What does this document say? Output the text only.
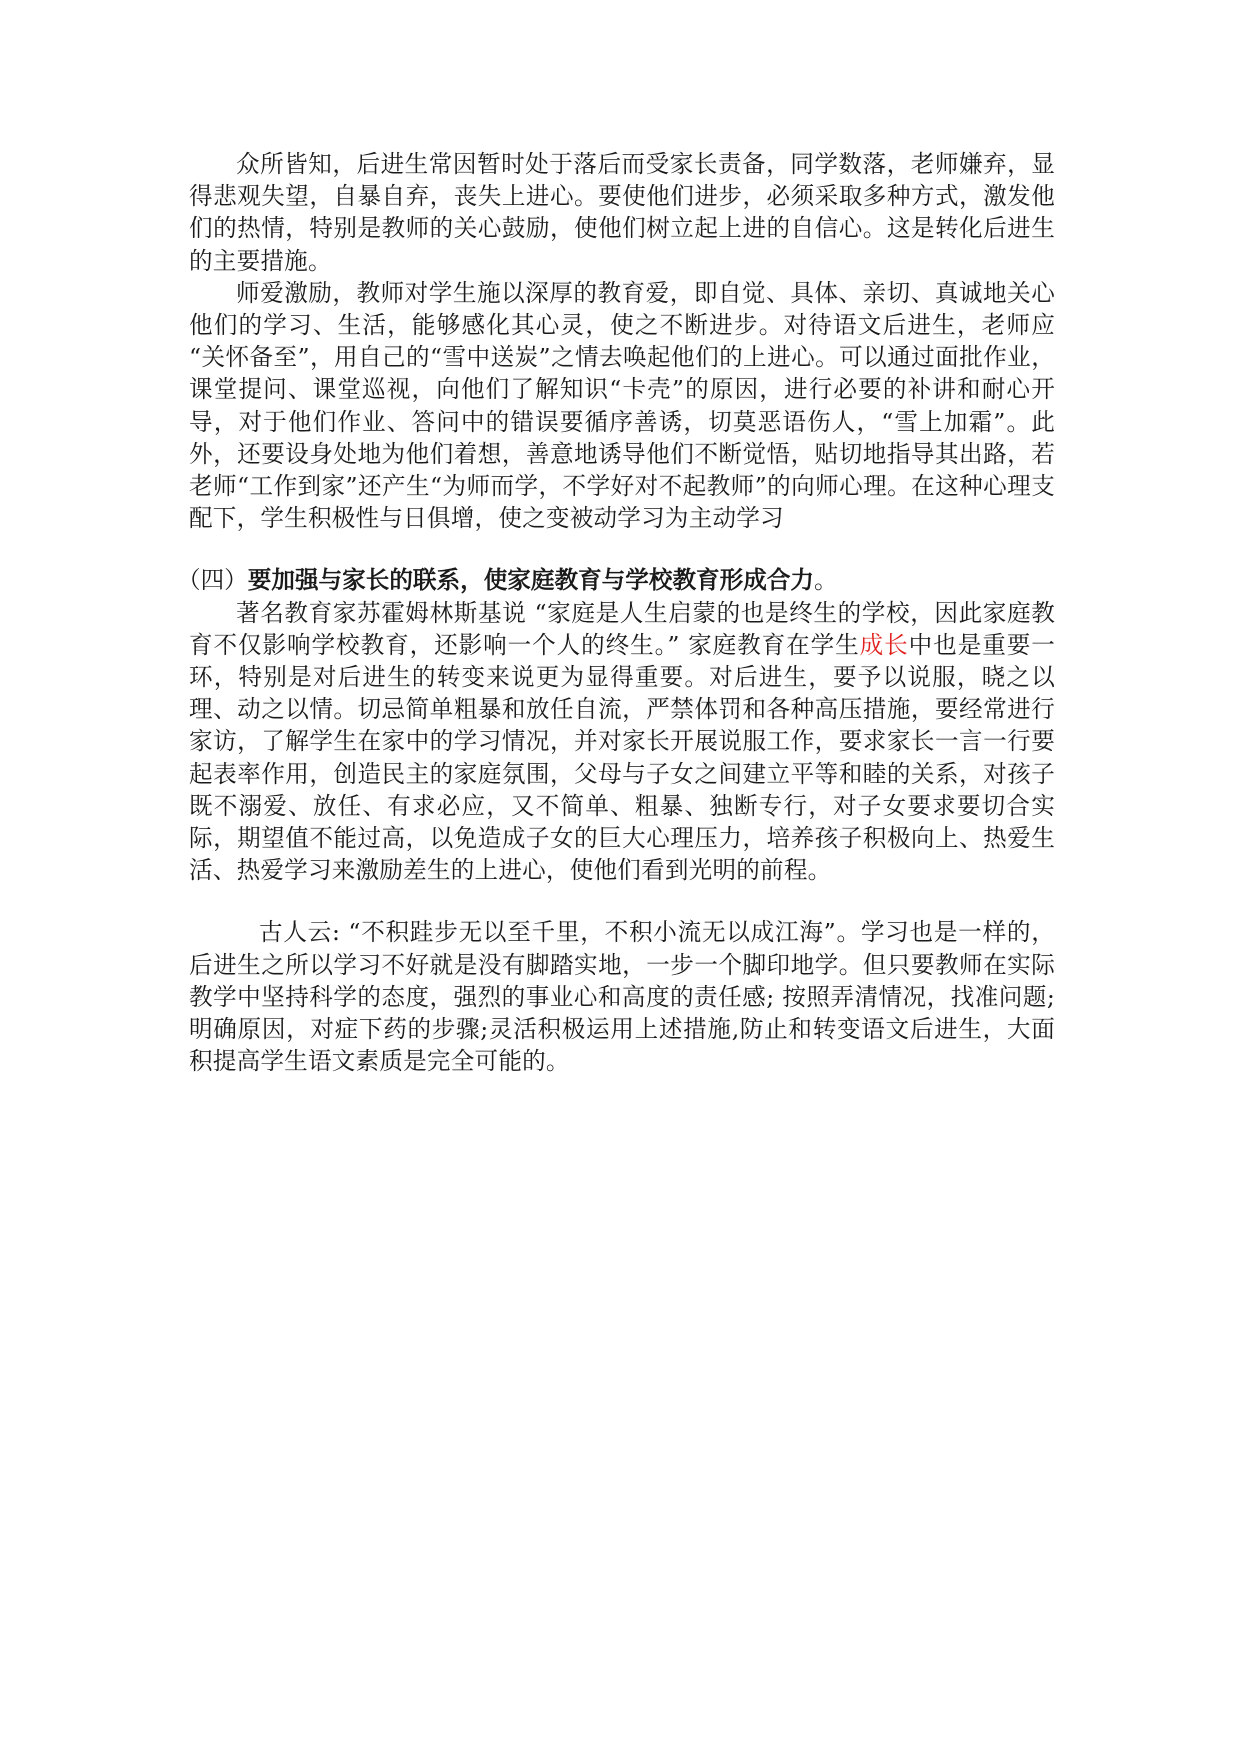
众所皆知，后进生常因暂时处于落后而受家长责备，同学数落，老师嫌弃，显得悲观失望，自暴自弃，丧失上进心。要使他们进步，必须采取多种方式，激发他们的热情，特别是教师的关心鼓励，使他们树立起上进的自信心。这是转化后进生的主要措施。

师爱激励，教师对学生施以深厚的教育爱，即自觉、具体、亲切、真诚地关心他们的学习、生活，能够感化其心灵，使之不断进步。对待语文后进生，老师应 “关怀备至”，用自己的“雪中送炭”之情去唤起他们的上进心。可以通过面批作业，课堂提问、课堂巡视，向他们了解知识“卡壳”的原因，进行必要的补讲和耐心开导，对于他们作业、答问中的错误要循序善诱，切莫恶语伤人，“雪上加霜”。此外，还要设身处地为他们着想，善意地诱导他们不断觉悟，贴切地指导其出路，若老师“工作到家”还产生“为师而学，不学好对不起教师”的向师心理。在这种心理支配下，学生积极性与日俱增，使之变被动学习为主动学习

（四）要加强与家长的联系，使家庭教育与学校教育形成合力。

著名教育家苏霍姆林斯基说 “家庭是人生启蒙的也是终生的学校，因此家庭教育不仅影响学校教育，还影响一个人的终生。” 家庭教育在学生成长中也是重要一环，特别是对后进生的转变来说更为显得重要。对后进生，要予以说服，晓之以理、动之以情。切忌简单粗暴和放任自流，严禁体罚和各种高压措施，要经常进行家访，了解学生在家中的学习情况，并对家长开展说服工作，要求家长一言一行要起表率作用，创造民主的家庭氛围，父母与子女之间建立平等和睦的关系，对孩子既不溺爱、放任、有求必应，又不简单、粗暴、独断专行，对子女要求要切合实际，期望值不能过高，以免造成子女的巨大心理压力，培养孩子积极向上、热爱生活、热爱学习来激励差生的上进心，使他们看到光明的前程。

古人云: “不积跬步无以至千里，不积小流无以成江海”。学习也是一样的，后进生之所以学习不好就是没有脚踏实地，一步一个脚印地学。但只要教师在实际教学中坚持科学的态度，强烈的事业心和高度的责任感; 按照弄清情况，找准问题; 明确原因，对症下药的步骤;灵活积极运用上述措施,防止和转变语文后进生，大面积提高学生语文素质是完全可能的。
